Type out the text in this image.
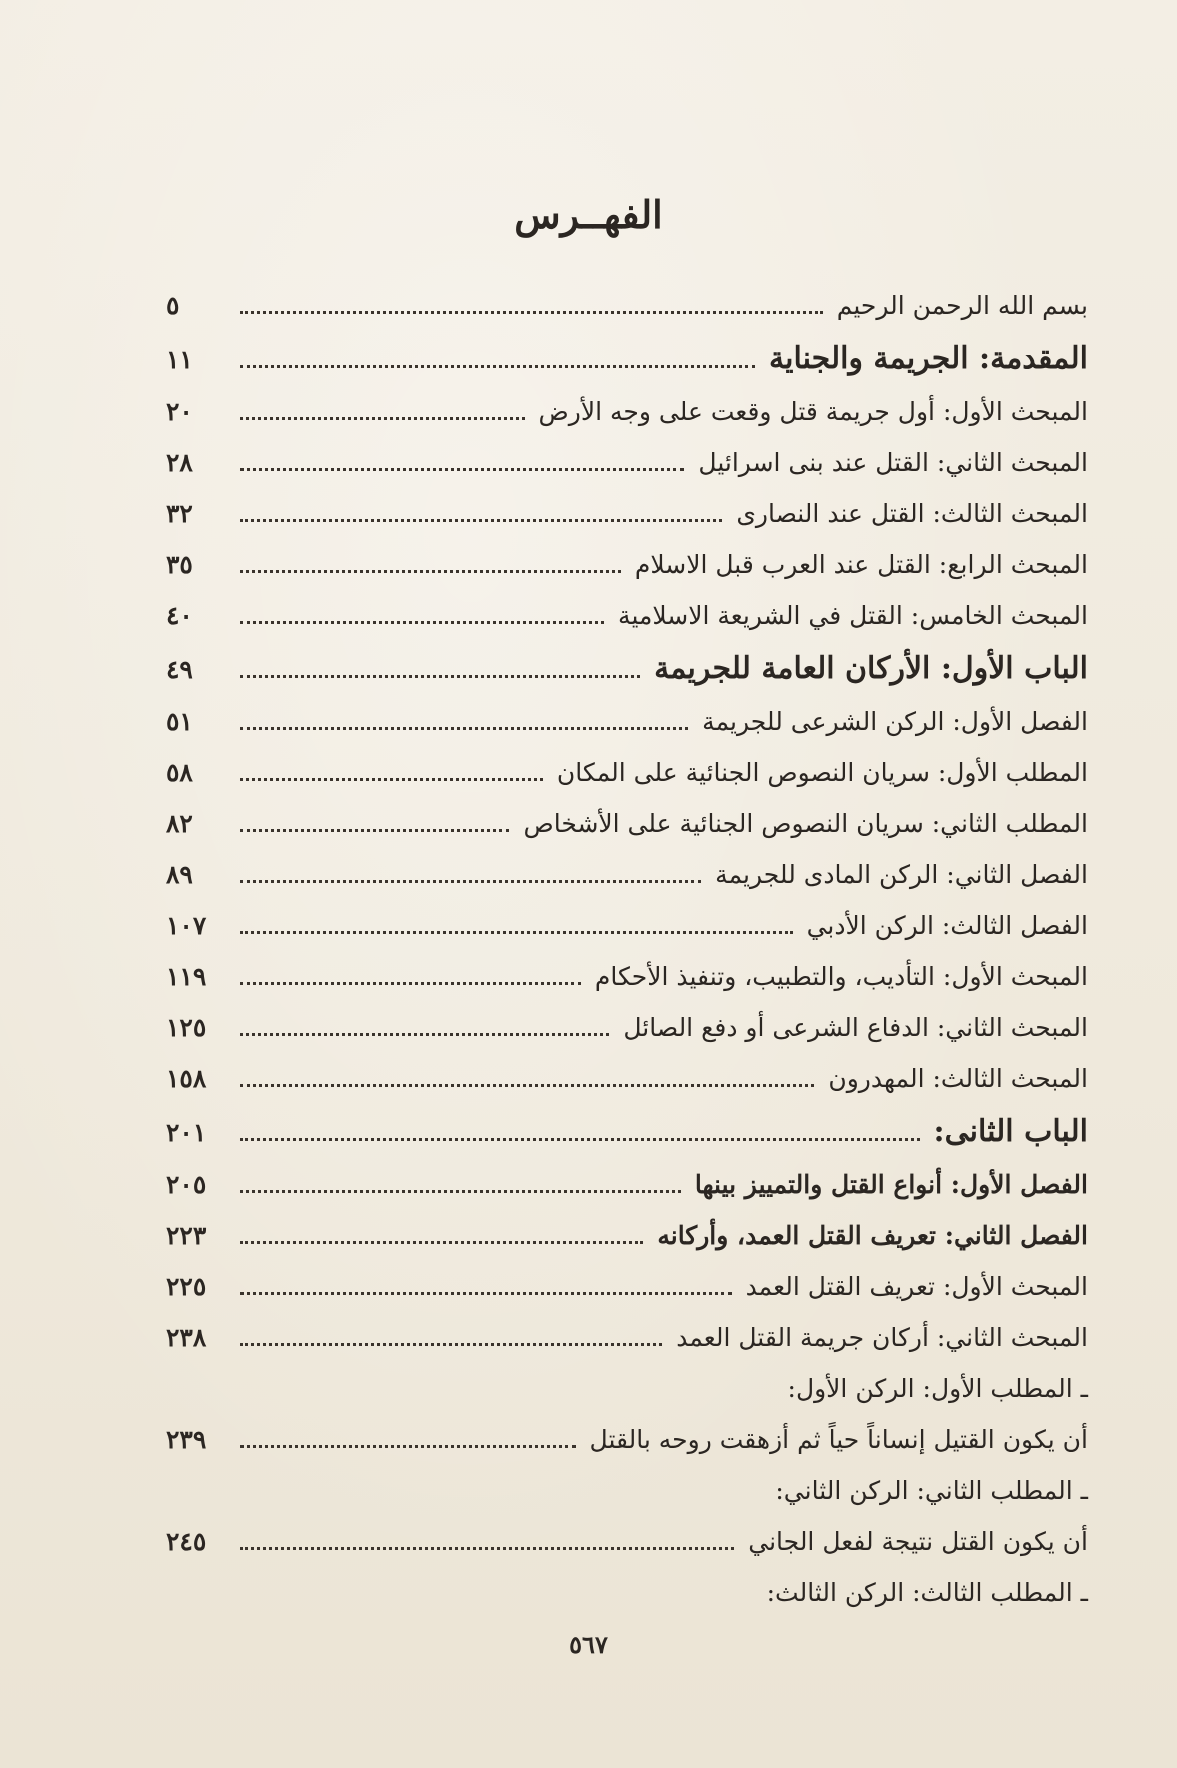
الفهــرس
بسم الله الرحمن الرحيم
٥
المقدمة: الجريمة والجناية
١١
المبحث الأول: أول جريمة قتل وقعت على وجه الأرض
٢٠
المبحث الثاني: القتل عند بنى اسرائيل
٢٨
المبحث الثالث: القتل عند النصارى
٣٢
المبحث الرابع: القتل عند العرب قبل الاسلام
٣٥
المبحث الخامس: القتل في الشريعة الاسلامية
٤٠
الباب الأول: الأركان العامة للجريمة
٤٩
الفصل الأول: الركن الشرعى للجريمة
٥١
المطلب الأول: سريان النصوص الجنائية على المكان
٥٨
المطلب الثاني: سريان النصوص الجنائية على الأشخاص
٨٢
الفصل الثاني: الركن المادى للجريمة
٨٩
الفصل الثالث: الركن الأدبي
١٠٧
المبحث الأول: التأديب، والتطبيب، وتنفيذ الأحكام
١١٩
المبحث الثاني: الدفاع الشرعى أو دفع الصائل
١٢٥
المبحث الثالث: المهدرون
١٥٨
الباب الثانى:
٢٠١
الفصل الأول: أنواع القتل والتمييز بينها
٢٠٥
الفصل الثاني: تعريف القتل العمد، وأركانه
٢٢٣
المبحث الأول: تعريف القتل العمد
٢٢٥
المبحث الثاني: أركان جريمة القتل العمد
٢٣٨
ـ المطلب الأول: الركن الأول:
أن يكون القتيل إنساناً حياً ثم أزهقت روحه بالقتل
٢٣٩
ـ المطلب الثاني: الركن الثاني:
أن يكون القتل نتيجة لفعل الجاني
٢٤٥
ـ المطلب الثالث: الركن الثالث:
٥٦٧
